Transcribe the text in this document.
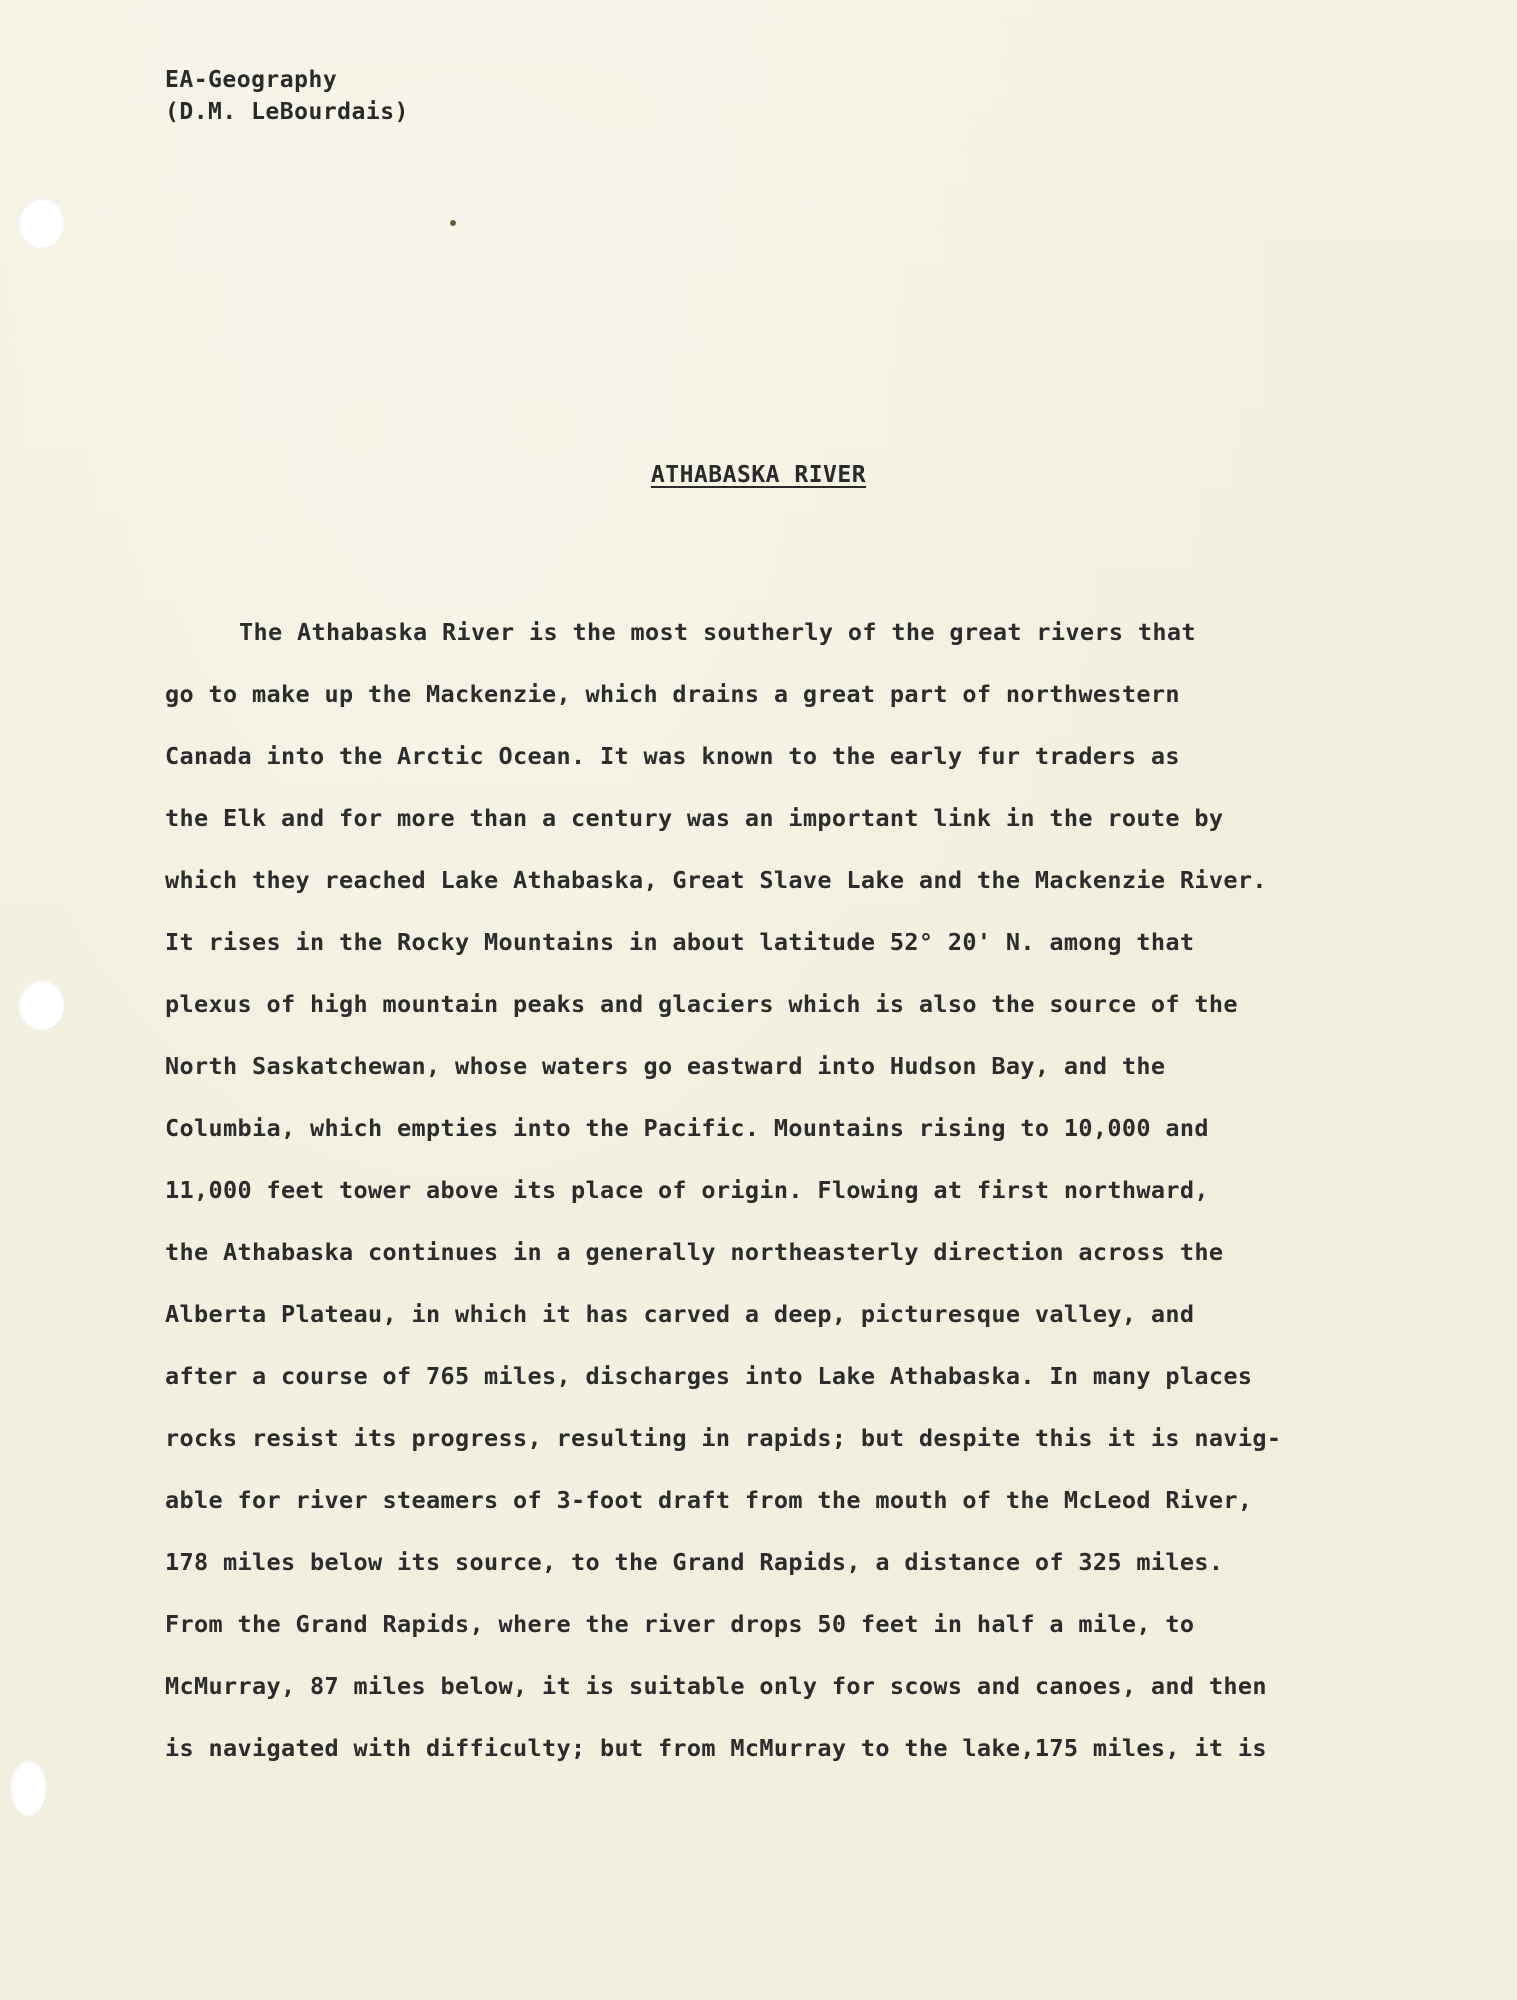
EA-Geography
(D.M. LeBourdais)
ATHABASKA RIVER
The Athabaska River is the most southerly of the great rivers that
go to make up the Mackenzie, which drains a great part of northwestern
Canada into the Arctic Ocean. It was known to the early fur traders as
the Elk and for more than a century was an important link in the route by
which they reached Lake Athabaska, Great Slave Lake and the Mackenzie River.
It rises in the Rocky Mountains in about latitude 52° 20' N. among that
plexus of high mountain peaks and glaciers which is also the source of the
North Saskatchewan, whose waters go eastward into Hudson Bay, and the
Columbia, which empties into the Pacific. Mountains rising to 10,000 and
11,000 feet tower above its place of origin. Flowing at first northward,
the Athabaska continues in a generally northeasterly direction across the
Alberta Plateau, in which it has carved a deep, picturesque valley, and
after a course of 765 miles, discharges into Lake Athabaska. In many places
rocks resist its progress, resulting in rapids; but despite this it is navig-
able for river steamers of 3-foot draft from the mouth of the McLeod River,
178 miles below its source, to the Grand Rapids, a distance of 325 miles.
From the Grand Rapids, where the river drops 50 feet in half a mile, to
McMurray, 87 miles below, it is suitable only for scows and canoes, and then
is navigated with difficulty; but from McMurray to the lake,175 miles, it is
